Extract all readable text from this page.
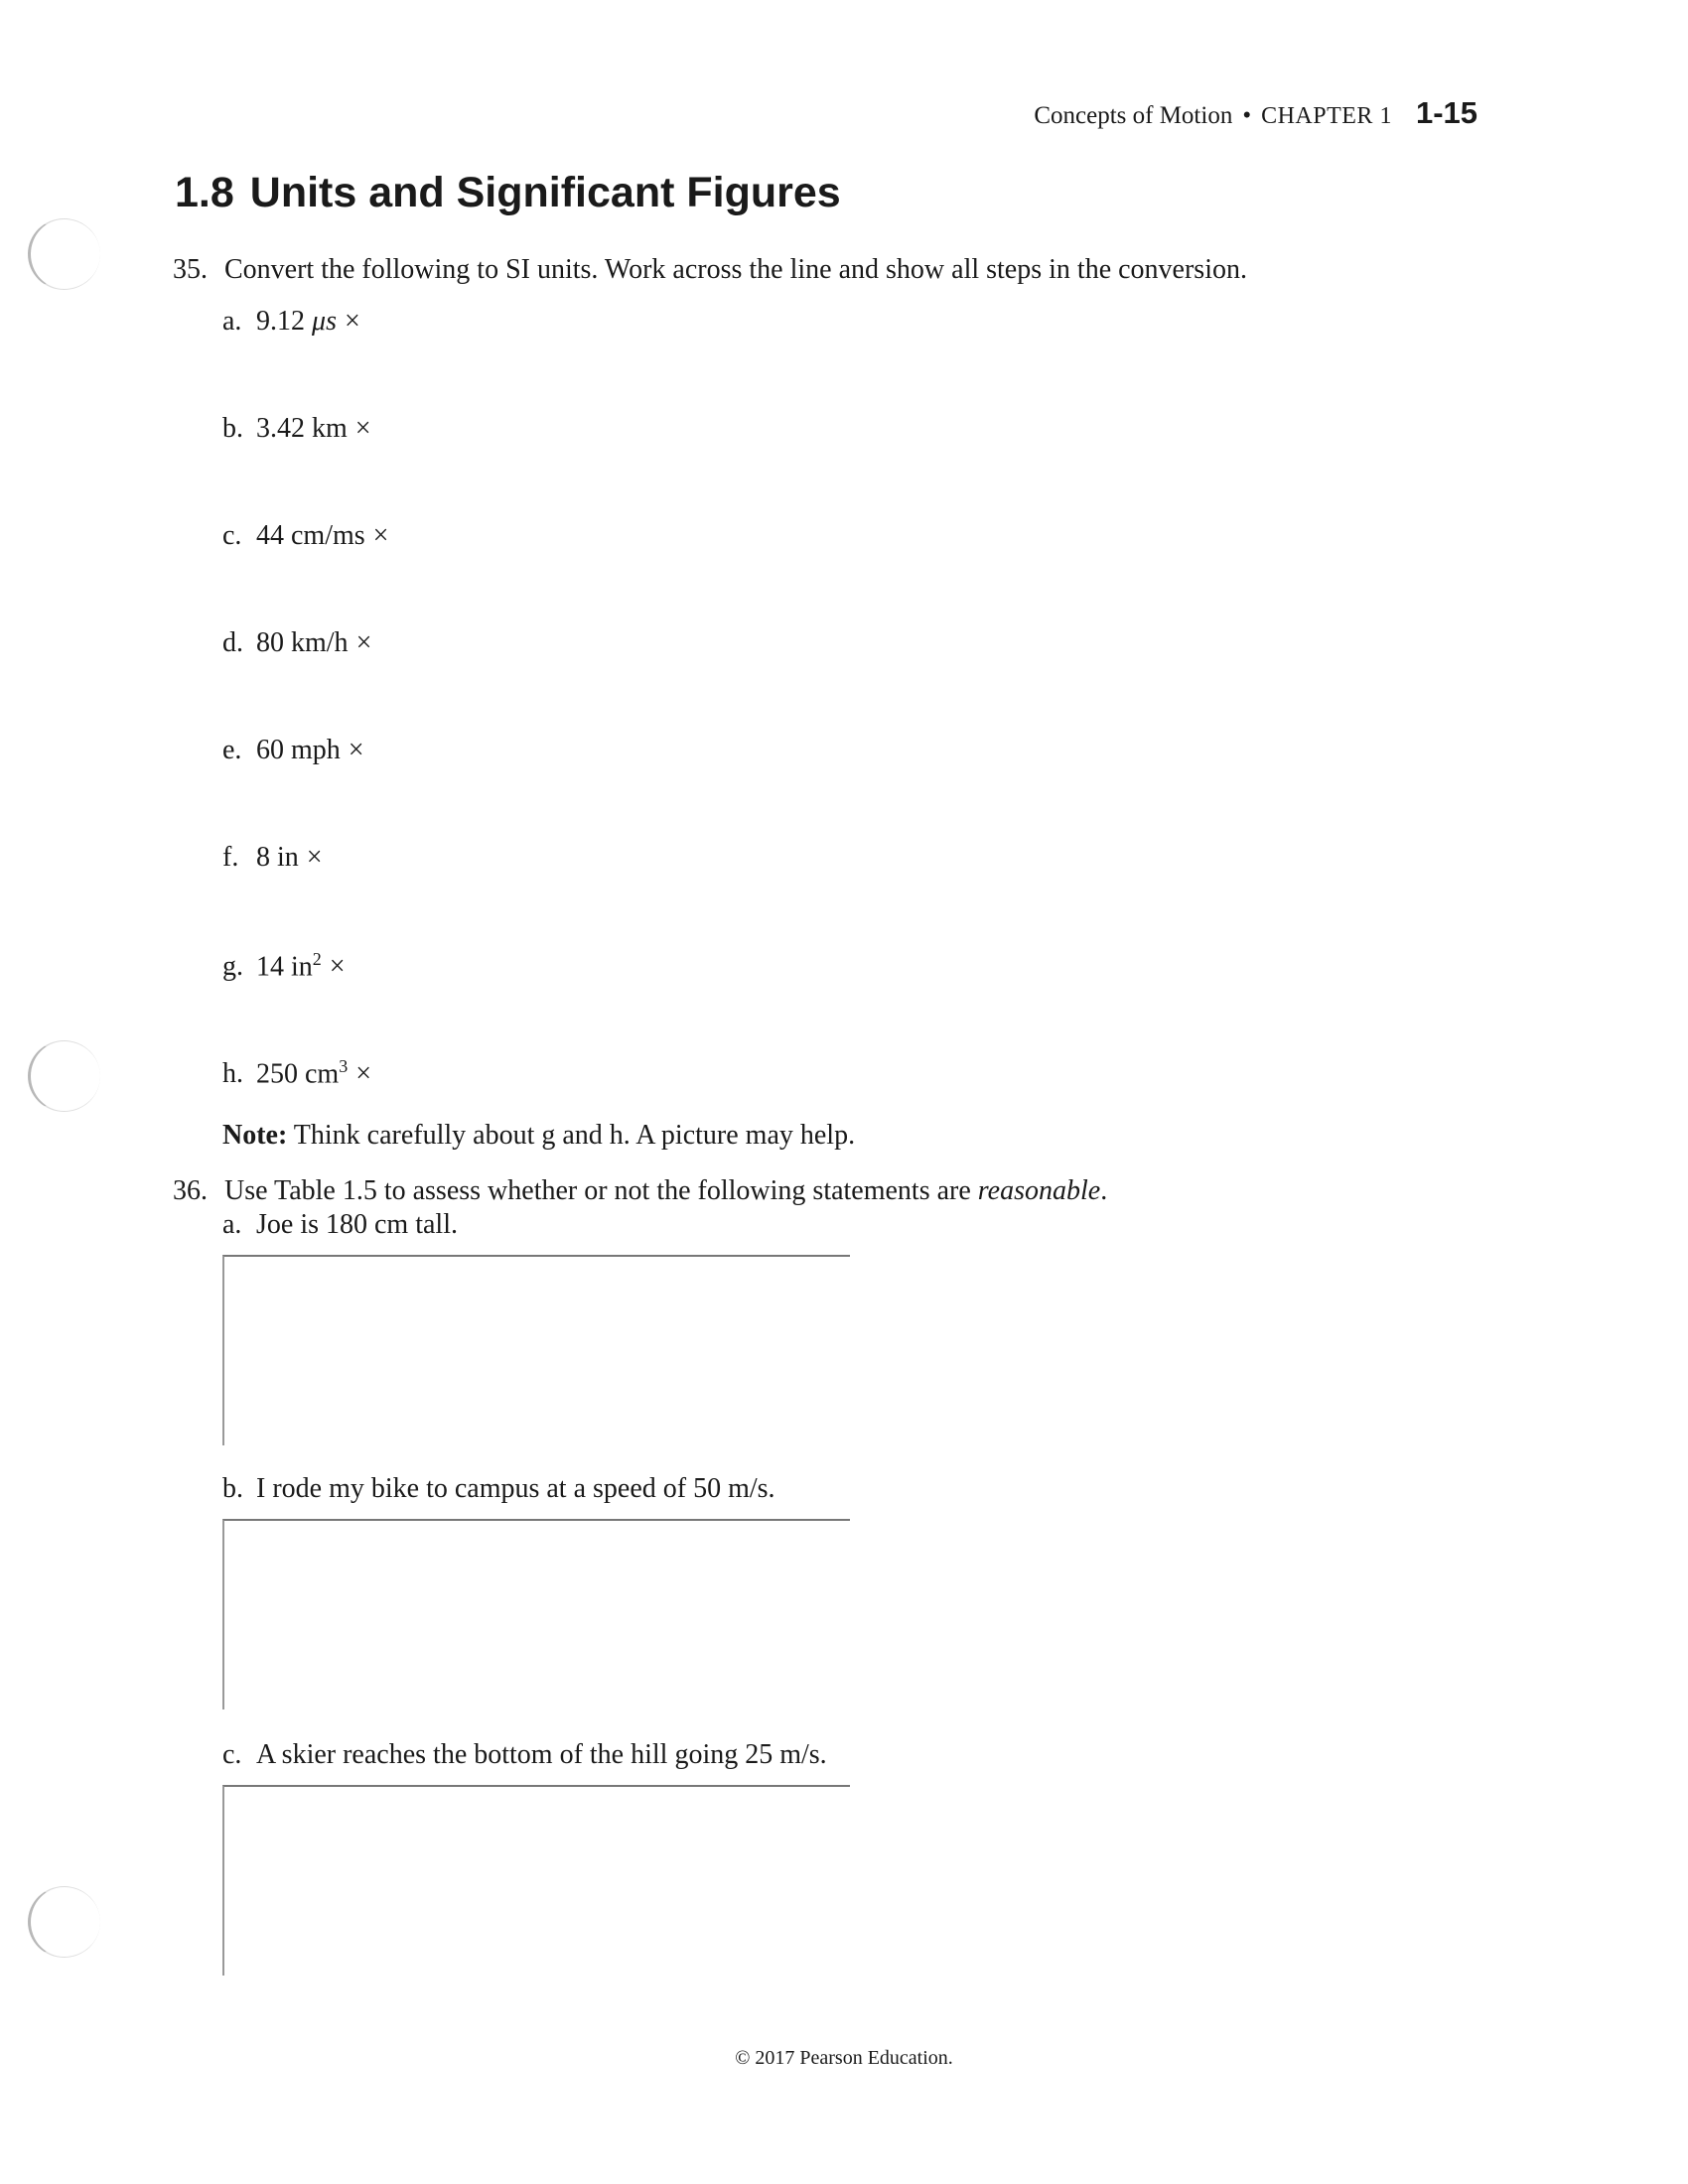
Concepts of Motion • CHAPTER 1 1-15
1.8 Units and Significant Figures
35. Convert the following to SI units. Work across the line and show all steps in the conversion.
a. 9.12 μs ×
b. 3.42 km ×
c. 44 cm/ms ×
d. 80 km/h ×
e. 60 mph ×
f. 8 in ×
g. 14 $in^2$ ×
h. 250 $cm^3$ ×
Note: Think carefully about g and h. A picture may help.
36. Use Table 1.5 to assess whether or not the following statements are reasonable.
a. Joe is 180 cm tall.
b. I rode my bike to campus at a speed of 50 m/s.
c. A skier reaches the bottom of the hill going 25 m/s.
© 2017 Pearson Education.
